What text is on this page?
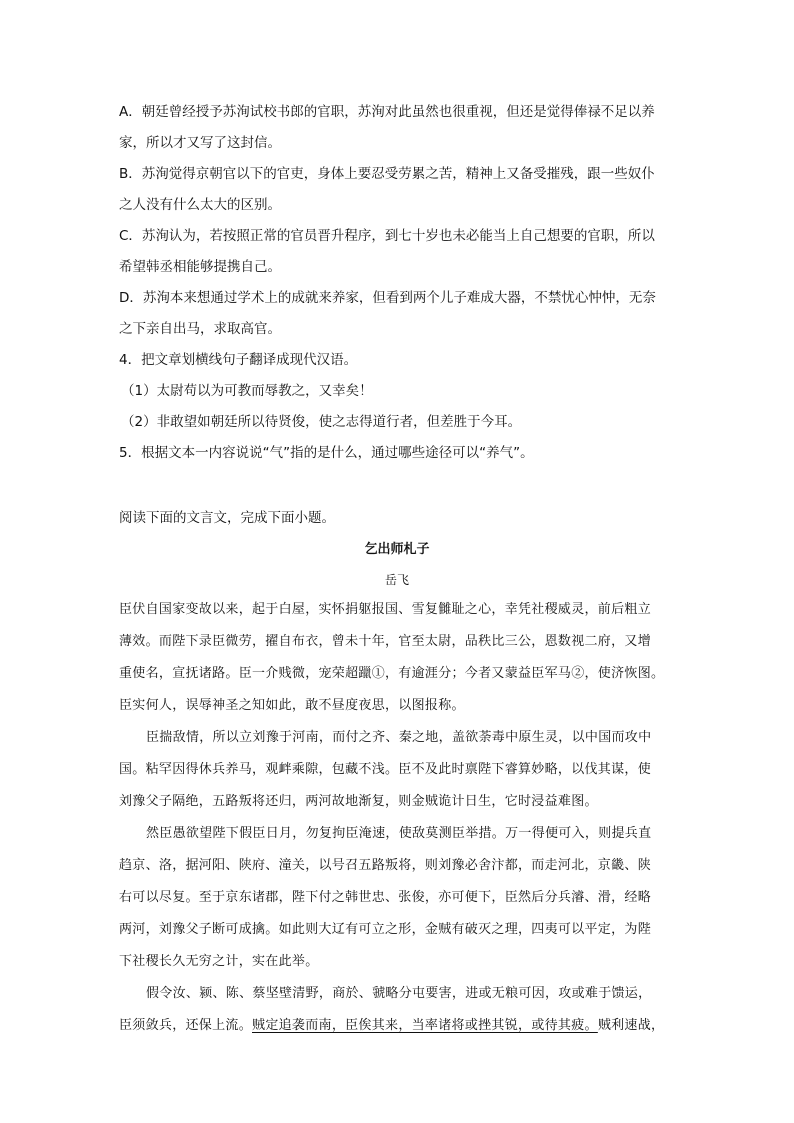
A．朝廷曾经授予苏洵试校书郎的官职，苏洵对此虽然也很重视，但还是觉得俸禄不足以养
家，所以才又写了这封信。
B．苏洵觉得京朝官以下的官吏，身体上要忍受劳累之苦，精神上又备受摧残，跟一些奴仆
之人没有什么太大的区别。
C．苏洵认为，若按照正常的官员晋升程序，到七十岁也未必能当上自己想要的官职，所以
希望韩丞相能够提携自己。
D．苏洵本来想通过学术上的成就来养家，但看到两个儿子难成大器，不禁忧心忡忡，无奈
之下亲自出马，求取高官。
4．把文章划横线句子翻译成现代汉语。
（1）太尉苟以为可教而辱教之，又幸矣！
（2）非敢望如朝廷所以待贤俊，使之志得道行者，但差胜于今耳。
5．根据文本一内容说说“气”指的是什么，通过哪些途径可以“养气”。
阅读下面的文言文，完成下面小题。
乞出师札子
岳飞
臣伏自国家变故以来，起于白屋，实怀捐躯报国、雪复雠耻之心，幸凭社稷威灵，前后粗立
薄效。而陛下录臣微劳，擢自布衣，曾未十年，官至太尉，品秩比三公，恩数视二府，又增
重使名，宣抚诸路。臣一介贱微，宠荣超躐①，有逾涯分；今者又蒙益臣军马②，使济恢图。
臣实何人，误辱神圣之知如此，敢不昼度夜思，以图报称。
臣揣敌情，所以立刘豫于河南，而付之齐、秦之地，盖欲荼毒中原生灵，以中国而攻中
国。粘罕因得休兵养马，观衅乘隙，包藏不浅。臣不及此时禀陛下睿算妙略，以伐其谋，使
刘豫父子隔绝，五路叛将还归，两河故地渐复，则金贼诡计日生，它时浸益难图。
然臣愚欲望陛下假臣日月，勿复拘臣淹速，使敌莫测臣举措。万一得便可入，则提兵直
趋京、洛，据河阳、陕府、潼关，以号召五路叛将，则刘豫必舍汴都，而走河北，京畿、陕
右可以尽复。至于京东诸郡，陛下付之韩世忠、张俊，亦可便下，臣然后分兵濬、滑，经略
两河，刘豫父子断可成擒。如此则大辽有可立之形，金贼有破灭之理，四夷可以平定，为陛
下社稷长久无穷之计，实在此举。
假令汝、颍、陈、蔡坚壁清野，商於、虢略分屯要害，进或无粮可因，攻或难于馈运，
臣须敛兵，还保上流。贼定追袭而南，臣俟其来，当率诸将或挫其锐，或待其疲。贼利速战，
